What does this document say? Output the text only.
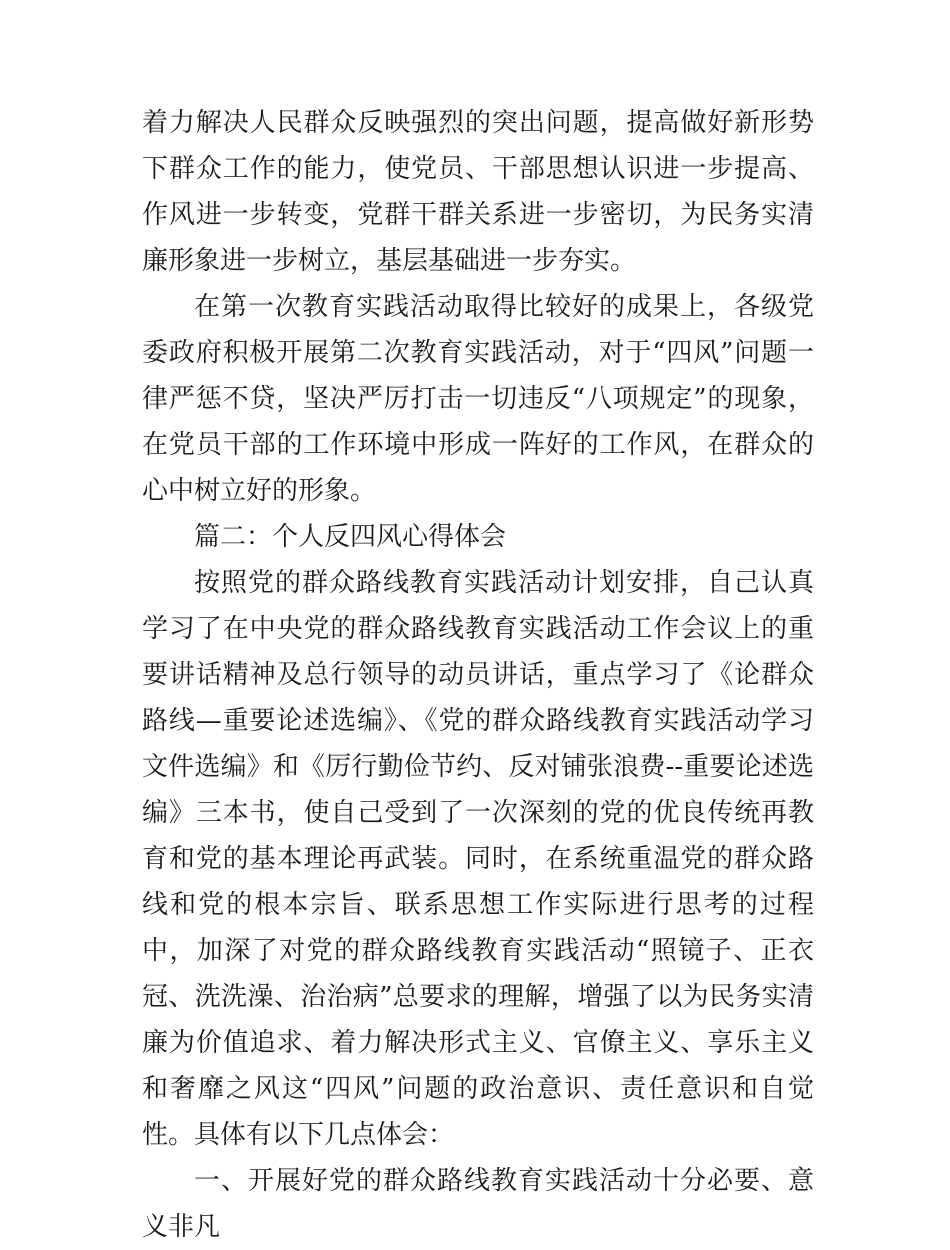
着力解决人民群众反映强烈的突出问题，提高做好新形势下群众工作的能力，使党员、干部思想认识进一步提高、作风进一步转变，党群干群关系进一步密切，为民务实清廉形象进一步树立，基层基础进一步夯实。

在第一次教育实践活动取得比较好的成果上，各级党委政府积极开展第二次教育实践活动，对于“四风”问题一律严惩不贷，坚决严厉打击一切违反“八项规定”的现象，在党员干部的工作环境中形成一阵好的工作风，在群众的心中树立好的形象。

篇二：个人反四风心得体会

按照党的群众路线教育实践活动计划安排，自己认真学习了在中央党的群众路线教育实践活动工作会议上的重要讲话精神及总行领导的动员讲话，重点学习了《论群众路线—重要论述选编》、《党的群众路线教育实践活动学习文件选编》和《厉行勤俭节约、反对铺张浪费--重要论述选编》三本书，使自己受到了一次深刻的党的优良传统再教育和党的基本理论再武装。同时，在系统重温党的群众路线和党的根本宗旨、联系思想工作实际进行思考的过程中，加深了对党的群众路线教育实践活动“照镜子、正衣冠、洗洗澡、治治病”总要求的理解，增强了以为民务实清廉为价值追求、着力解决形式主义、官僚主义、享乐主义和奢靡之风这“四风”问题的政治意识、责任意识和自觉性。具体有以下几点体会：

一、开展好党的群众路线教育实践活动十分必要、意义非凡
